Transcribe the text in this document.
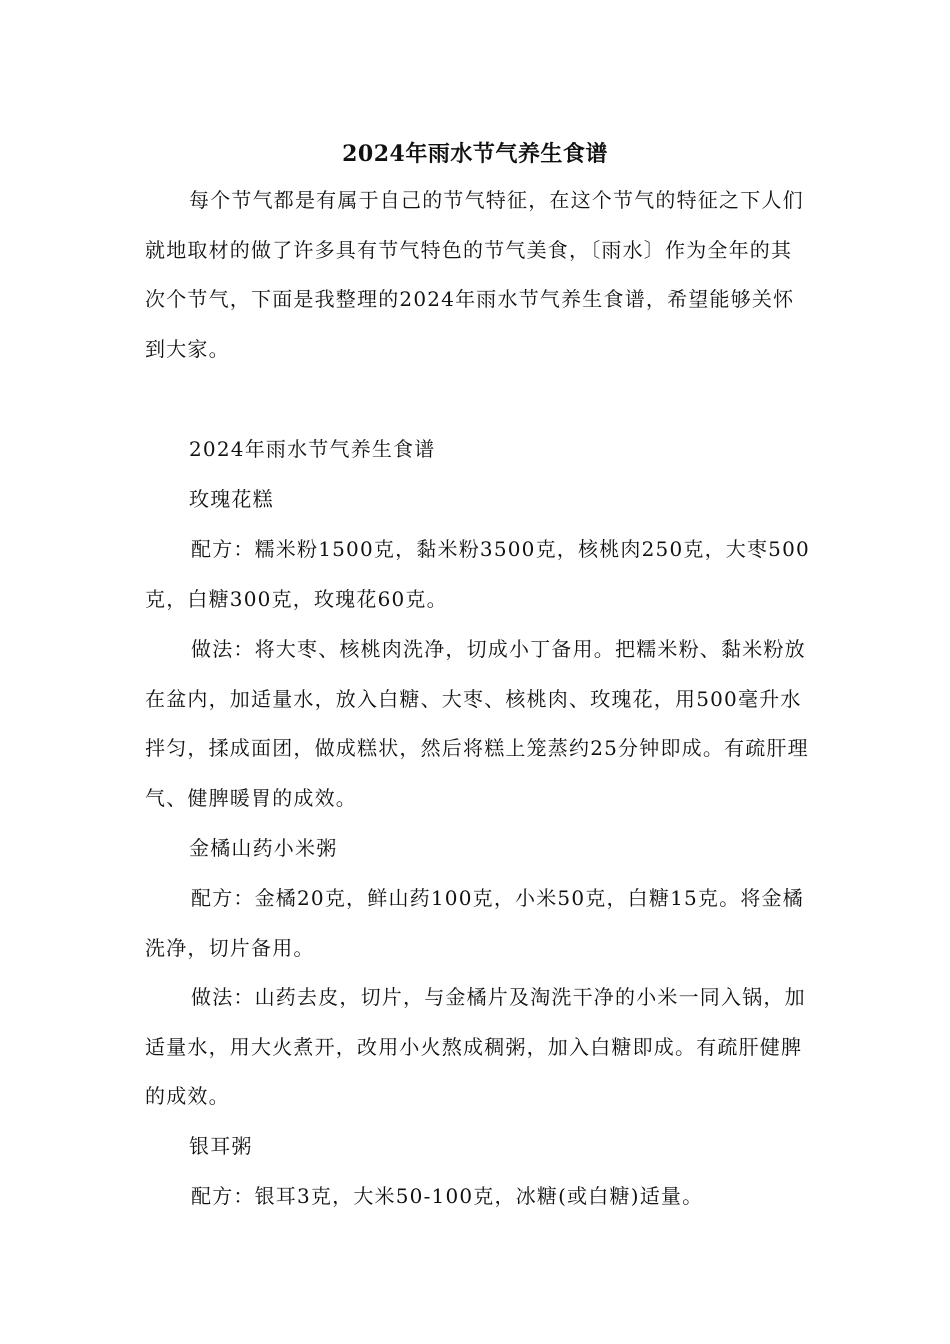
2024年雨水节气养生食谱

每个节气都是有属于自己的节气特征，在这个节气的特征之下人们就地取材的做了许多具有节气特色的节气美食，〔雨水〕作为全年的其次个节气，下面是我整理的2024年雨水节气养生食谱，希望能够关怀到大家。

2024年雨水节气养生食谱

玫瑰花糕

配方：糯米粉1500克，黏米粉3500克，核桃肉250克，大枣500克，白糖300克，玫瑰花60克。

做法：将大枣、核桃肉洗净，切成小丁备用。把糯米粉、黏米粉放在盆内，加适量水，放入白糖、大枣、核桃肉、玫瑰花，用500毫升水拌匀，揉成面团，做成糕状，然后将糕上笼蒸约25分钟即成。有疏肝理气、健脾暖胃的成效。

金橘山药小米粥

配方：金橘20克，鲜山药100克，小米50克，白糖15克。将金橘洗净，切片备用。

做法：山药去皮，切片，与金橘片及淘洗干净的小米一同入锅，加适量水，用大火煮开，改用小火熬成稠粥，加入白糖即成。有疏肝健脾的成效。

银耳粥

配方：银耳3克，大米50-100克，冰糖(或白糖)适量。
